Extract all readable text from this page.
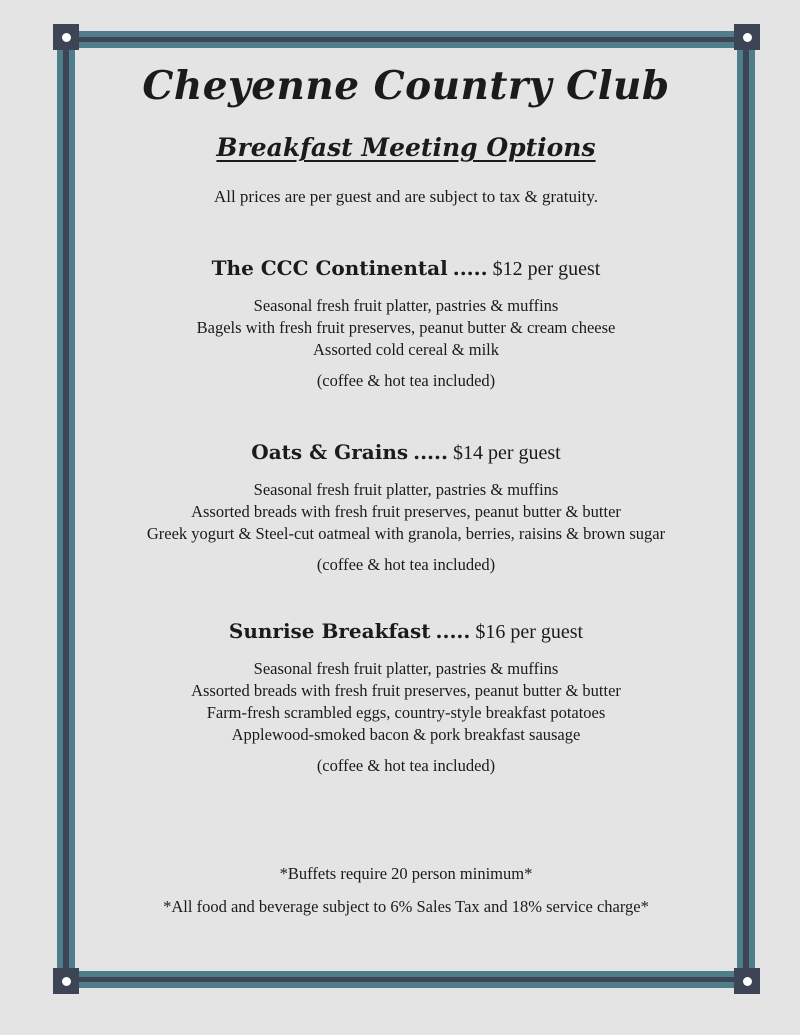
Cheyenne Country Club
Breakfast Meeting Options

All prices are per guest and are subject to tax & gratuity.

The CCC Continental ..... $12 per guest

Seasonal fresh fruit platter, pastries & muffins

Bagels with fresh fruit preserves, peanut butter & cream cheese

Assorted cold cereal & milk

(coffee & hot tea included)

Oats & Grains ..... $14 per guest

Seasonal fresh fruit platter, pastries & muffins

Assorted breads with fresh fruit preserves, peanut butter & butter

Greek yogurt & Steel-cut oatmeal with granola, berries, raisins & brown sugar

(coffee & hot tea included)

Sunrise Breakfast ..... $16 per guest

Seasonal fresh fruit platter, pastries & muffins

Assorted breads with fresh fruit preserves, peanut butter & butter

Farm-fresh scrambled eggs, country-style breakfast potatoes

Applewood-smoked bacon & pork breakfast sausage

(coffee & hot tea included)

*Buffets require 20 person minimum*

*All food and beverage subject to 6% Sales Tax and 18% service charge*
